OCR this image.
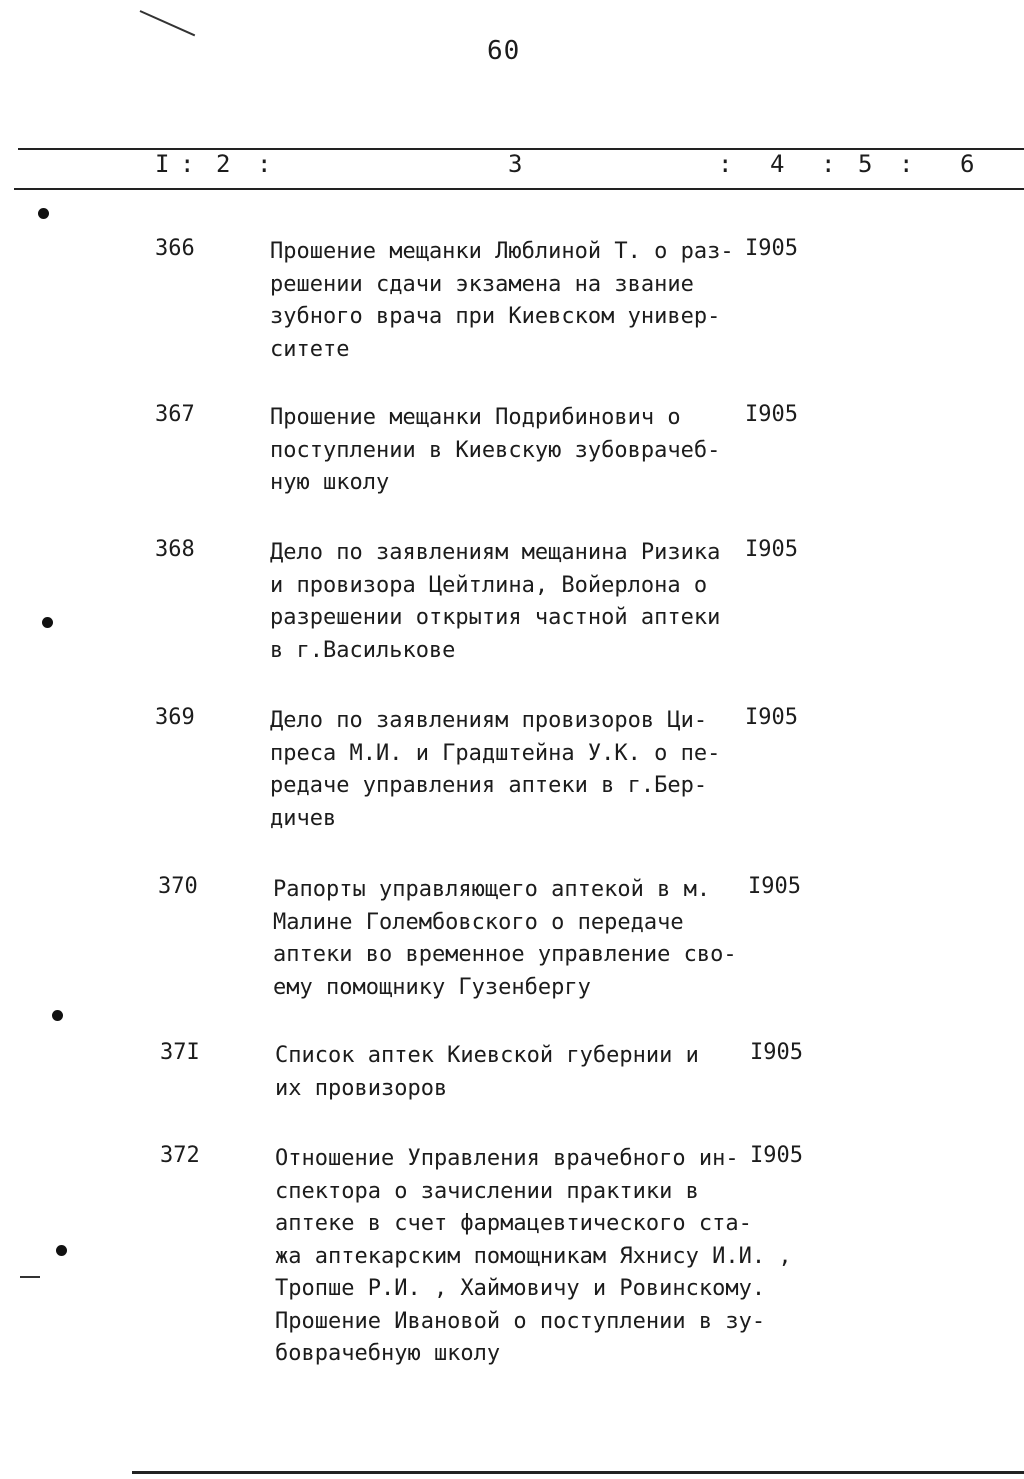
60
I : 2 :	3	: 4 : 5 : 6
366	Прошение мещанки Люблиной Т. о раз-
решении сдачи экзамена на звание
зубного врача при Киевском универ-
ситете
I905
367	Прошение мещанки Подрибинович о
поступлении в Киевскую зубоврачеб-
ную школу
I905
368	Дело по заявлениям мещанина Ризика
и провизора Цейтлина, Войерлона о
разрешении открытия частной аптеки
в г.Василькове
I905
369	Дело по заявлениям провизоров Ци-
преса М.И. и Градштейна У.К. о пе-
редаче управления аптеки в г.Бер-
дичев
I905
370	Рапорты управляющего аптекой в м.
Малине Голембовского о передаче
аптеки во временное управление сво-
ему помощнику Гузенбергу
I905
37I	Список аптек Киевской губернии и
их провизоров
I905
372	Отношение Управления врачебного ин-
спектора о зачислении практики в
аптеке в счет фармацевтического ста-
жа аптекарским помощникам Яхнису И.И. ,
Тропше Р.И. , Хаймовичу и Ровинскому.
Прошение Ивановой о поступлении в зу-
боврачебную школу
I905
